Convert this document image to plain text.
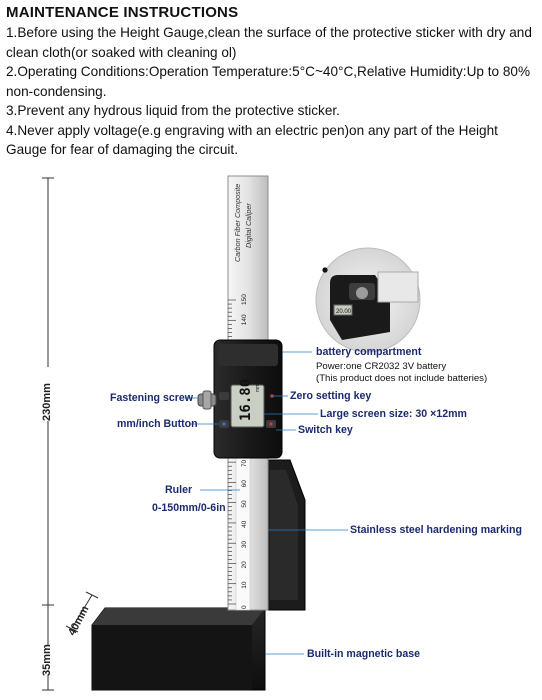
MAINTENANCE INSTRUCTIONS

1.Before using the Height Gauge,clean the surface of the protective sticker with dry and clean cloth(or soaked with cleaning ol)

2.Operating Conditions:Operation Temperature:5°C~40°C,Relative Humidity:Up to 80% non-condensing.

3.Prevent any hydrous liquid from the protective sticker.

4.Never apply voltage(e.g engraving with an electric pen)on any part of the Height Gauge for fear of damaging the circuit.

150
140
70
60
50
40
30
20
10
0
Carbon Fiber Composite Digital Caliper
16.80 mm
20.00
230mm
35mm
40mm
battery compartment
Power:one CR2032 3V battery
(This product does not include batteries)
Fastening screw	Zero setting key
Large screen size: 30 ×12mm
mm/inch Button	Switch key
Ruler
0-150mm/0-6in
Stainless steel hardening marking
Built-in magnetic base
